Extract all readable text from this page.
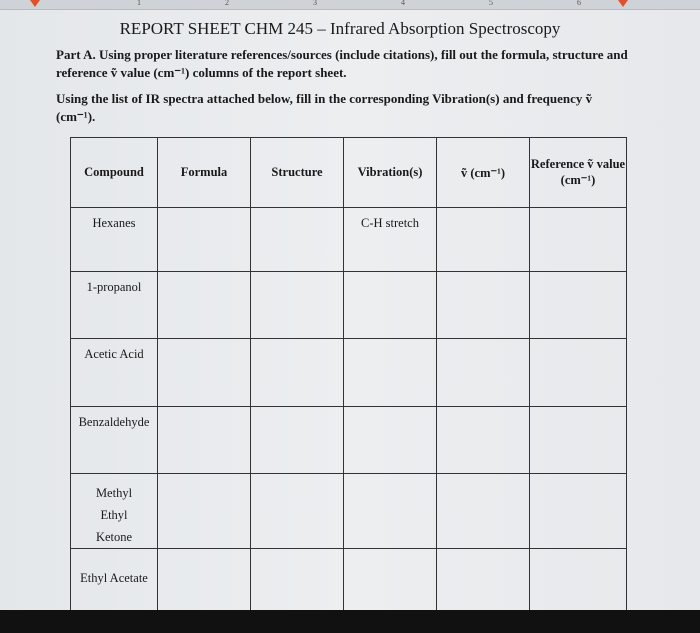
1	2	3	4	5	6
REPORT SHEET CHM 245 – Infrared Absorption Spectroscopy
Part A. Using proper literature references/sources (include citations), fill out the formula, structure and reference ṽ value (cm⁻¹) columns of the report sheet.
Using the list of IR spectra attached below, fill in the corresponding Vibration(s) and frequency ṽ (cm⁻¹).
Compound	Formula	Structure	Vibration(s)	ṽ (cm⁻¹)	Reference ṽ value (cm⁻¹)
Hexanes			C-H stretch		
1-propanol					
Acetic Acid					
Benzaldehyde					
Methyl Ethyl Ketone					
Ethyl Acetate					
